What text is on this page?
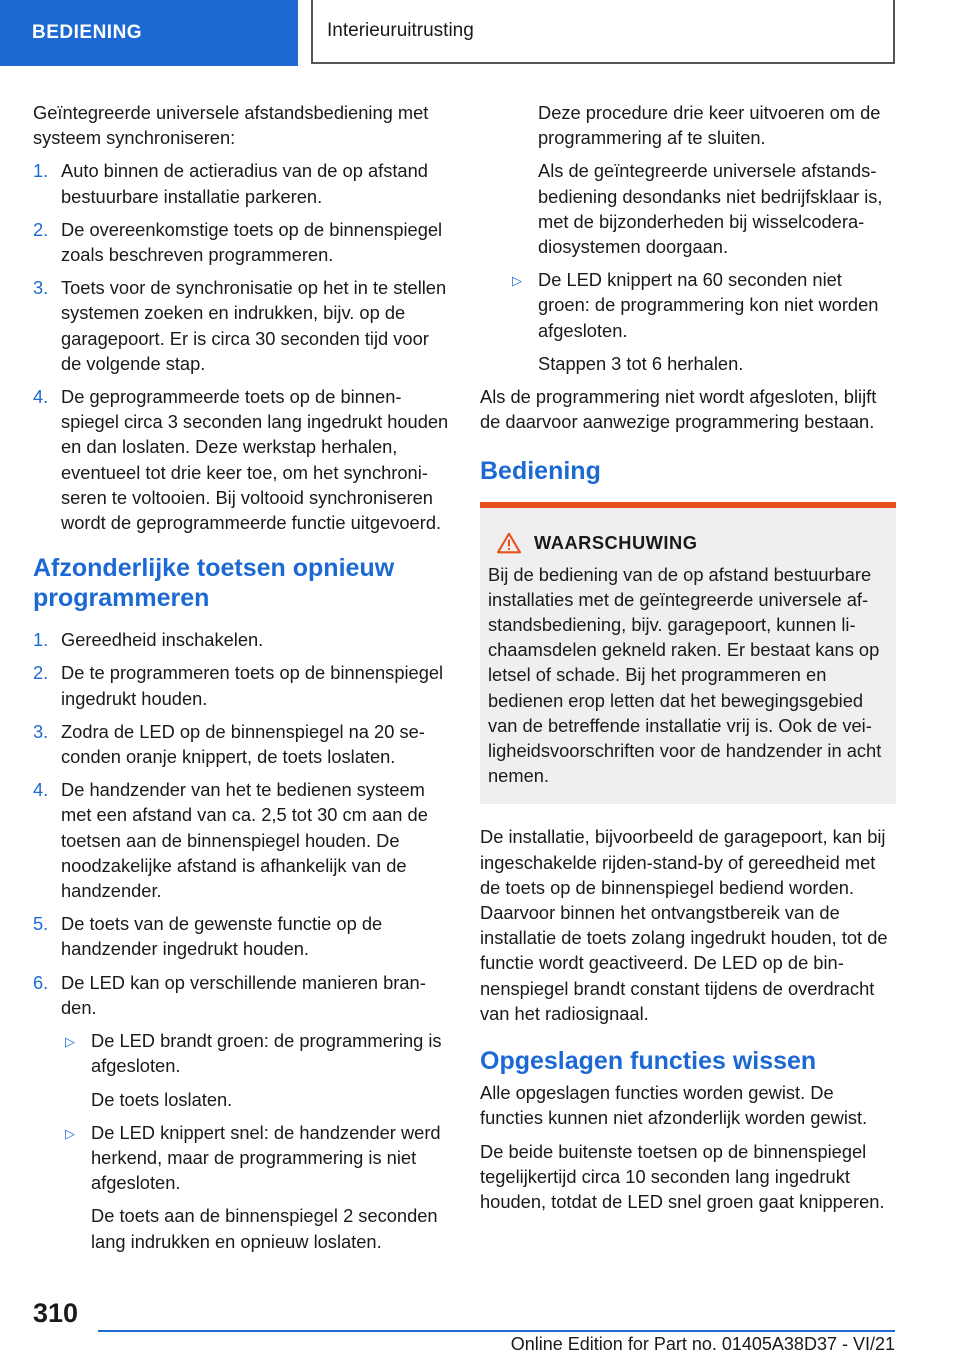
BEDIENING	Interieuruitrusting

Geïntegreerde universele afstandsbediening met systeem synchroniseren:

1. Auto binnen de actieradius van de op afstand bestuurbare installatie parkeren.
2. De overeenkomstige toets op de binnenspiegel zoals beschreven programmeren.
3. Toets voor de synchronisatie op het in te stellen systemen zoeken en indrukken, bijv. op de garagepoort. Er is circa 30 seconden tijd voor de volgende stap.
4. De geprogrammeerde toets op de binnenspiegel circa 3 seconden lang ingedrukt houden en dan loslaten. Deze werkstap herhalen, eventueel tot drie keer toe, om het synchroniseren te voltooien. Bij voltooid synchroniseren wordt de geprogrammeerde functie uitgevoerd.
Afzonderlijke toetsen opnieuw programmeren
1. Gereedheid inschakelen.
2. De te programmeren toets op de binnenspiegel ingedrukt houden.
3. Zodra de LED op de binnenspiegel na 20 seconden oranje knippert, de toets loslaten.
4. De handzender van het te bedienen systeem met een afstand van ca. 2,5 tot 30 cm aan de toetsen aan de binnenspiegel houden. De noodzakelijke afstand is afhankelijk van de handzender.
5. De toets van de gewenste functie op de handzender ingedrukt houden.
6. De LED kan op verschillende manieren branden.
▷ De LED brandt groen: de programmering is afgesloten.
De toets loslaten.
▷ De LED knippert snel: de handzender werd herkend, maar de programmering is niet afgesloten.
De toets aan de binnenspiegel 2 seconden lang indrukken en opnieuw loslaten.

Deze procedure drie keer uitvoeren om de programmering af te sluiten.

Als de geïntegreerde universele afstandsbediening desondanks niet bedrijfsklaar is, met de bijzonderheden bij wisselcoderadiosystemen doorgaan.

▷ De LED knippert na 60 seconden niet groen: de programmering kon niet worden afgesloten.
Stappen 3 tot 6 herhalen.

Als de programmering niet wordt afgesloten, blijft de daarvoor aanwezige programmering bestaan.

Bediening
WAARSCHUWING
Bij de bediening van de op afstand bestuurbare installaties met de geïntegreerde universele afstandsbediening, bijv. garagepoort, kunnen lichaamsdelen gekneld raken. Er bestaat kans op letsel of schade. Bij het programmeren en bedienen erop letten dat het bewegingsgebied van de betreffende installatie vrij is. Ook de veiligheidsvoorschriften voor de handzender in acht nemen.

De installatie, bijvoorbeeld de garagepoort, kan bij ingeschakelde rijden-stand-by of gereedheid met de toets op de binnenspiegel bediend worden. Daarvoor binnen het ontvangstbereik van de installatie de toets zolang ingedrukt houden, tot de functie wordt geactiveerd. De LED op de binnenspiegel brandt constant tijdens de overdracht van het radiosignaal.

Opgeslagen functies wissen

Alle opgeslagen functies worden gewist. De functies kunnen niet afzonderlijk worden gewist.

De beide buitenste toetsen op de binnenspiegel tegelijkertijd circa 10 seconden lang ingedrukt houden, totdat de LED snel groen gaat knipperen.

310
Online Edition for Part no. 01405A38D37 - VI/21
